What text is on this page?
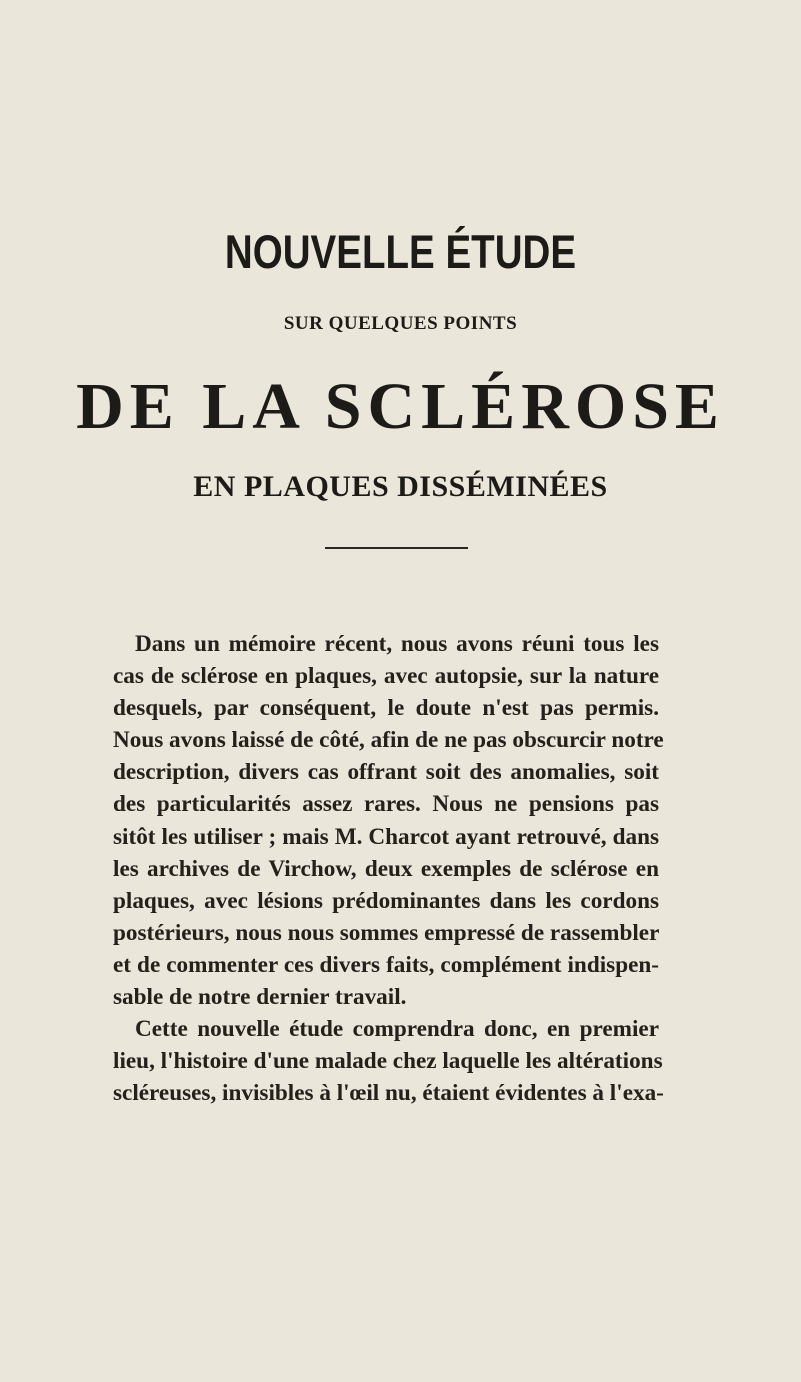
NOUVELLE ÉTUDE
SUR QUELQUES POINTS
DE LA SCLÉROSE
EN PLAQUES DISSÉMINÉES
Dans un mémoire récent, nous avons réuni tous les
cas de sclérose en plaques, avec autopsie, sur la nature
desquels, par conséquent, le doute n'est pas permis.
Nous avons laissé de côté, afin de ne pas obscurcir notre
description, divers cas offrant soit des anomalies, soit
des particularités assez rares. Nous ne pensions pas
sitôt les utiliser ; mais M. Charcot ayant retrouvé, dans
les archives de Virchow, deux exemples de sclérose en
plaques, avec lésions prédominantes dans les cordons
postérieurs, nous nous sommes empressé de rassembler
et de commenter ces divers faits, complément indispen-
sable de notre dernier travail.
Cette nouvelle étude comprendra donc, en premier
lieu, l'histoire d'une malade chez laquelle les altérations
scléreuses, invisibles à l'œil nu, étaient évidentes à l'exa-
